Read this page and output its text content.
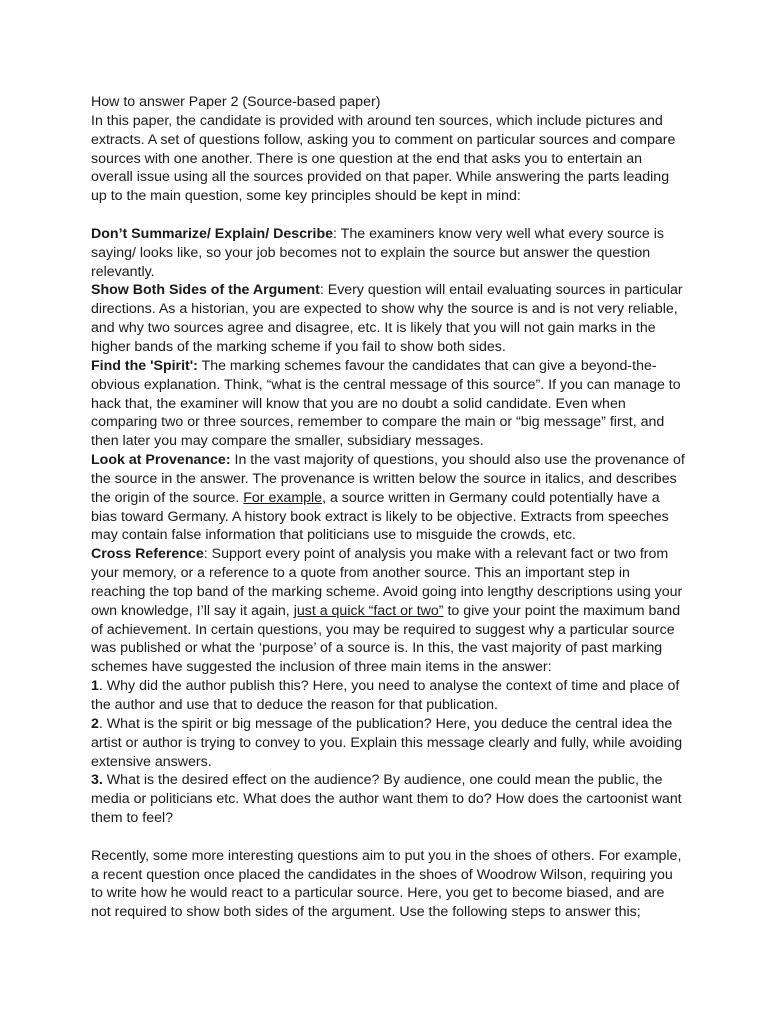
How to answer Paper 2 (Source-based paper)

In this paper, the candidate is provided with around ten sources, which include pictures and extracts. A set of questions follow, asking you to comment on particular sources and compare sources with one another. There is one question at the end that asks you to entertain an overall issue using all the sources provided on that paper. While answering the parts leading up to the main question, some key principles should be kept in mind:

Don’t Summarize/ Explain/ Describe: The examiners know very well what every source is saying/ looks like, so your job becomes not to explain the source but answer the question relevantly.

Show Both Sides of the Argument: Every question will entail evaluating sources in particular directions. As a historian, you are expected to show why the source is and is not very reliable, and why two sources agree and disagree, etc. It is likely that you will not gain marks in the higher bands of the marking scheme if you fail to show both sides.

Find the 'Spirit': The marking schemes favour the candidates that can give a beyond-the-obvious explanation. Think, “what is the central message of this source”. If you can manage to hack that, the examiner will know that you are no doubt a solid candidate. Even when comparing two or three sources, remember to compare the main or “big message” first, and then later you may compare the smaller, subsidiary messages.

Look at Provenance: In the vast majority of questions, you should also use the provenance of the source in the answer. The provenance is written below the source in italics, and describes the origin of the source. For example, a source written in Germany could potentially have a bias toward Germany. A history book extract is likely to be objective. Extracts from speeches may contain false information that politicians use to misguide the crowds, etc.

Cross Reference: Support every point of analysis you make with a relevant fact or two from your memory, or a reference to a quote from another source. This an important step in reaching the top band of the marking scheme. Avoid going into lengthy descriptions using your own knowledge, I’ll say it again, just a quick “fact or two” to give your point the maximum band of achievement. In certain questions, you may be required to suggest why a particular source was published or what the ‘purpose’ of a source is. In this, the vast majority of past marking schemes have suggested the inclusion of three main items in the answer:

1. Why did the author publish this? Here, you need to analyse the context of time and place of the author and use that to deduce the reason for that publication.

2. What is the spirit or big message of the publication? Here, you deduce the central idea the artist or author is trying to convey to you. Explain this message clearly and fully, while avoiding extensive answers.

3. What is the desired effect on the audience? By audience, one could mean the public, the media or politicians etc. What does the author want them to do? How does the cartoonist want them to feel?

Recently, some more interesting questions aim to put you in the shoes of others. For example, a recent question once placed the candidates in the shoes of Woodrow Wilson, requiring you to write how he would react to a particular source. Here, you get to become biased, and are not required to show both sides of the argument. Use the following steps to answer this;
